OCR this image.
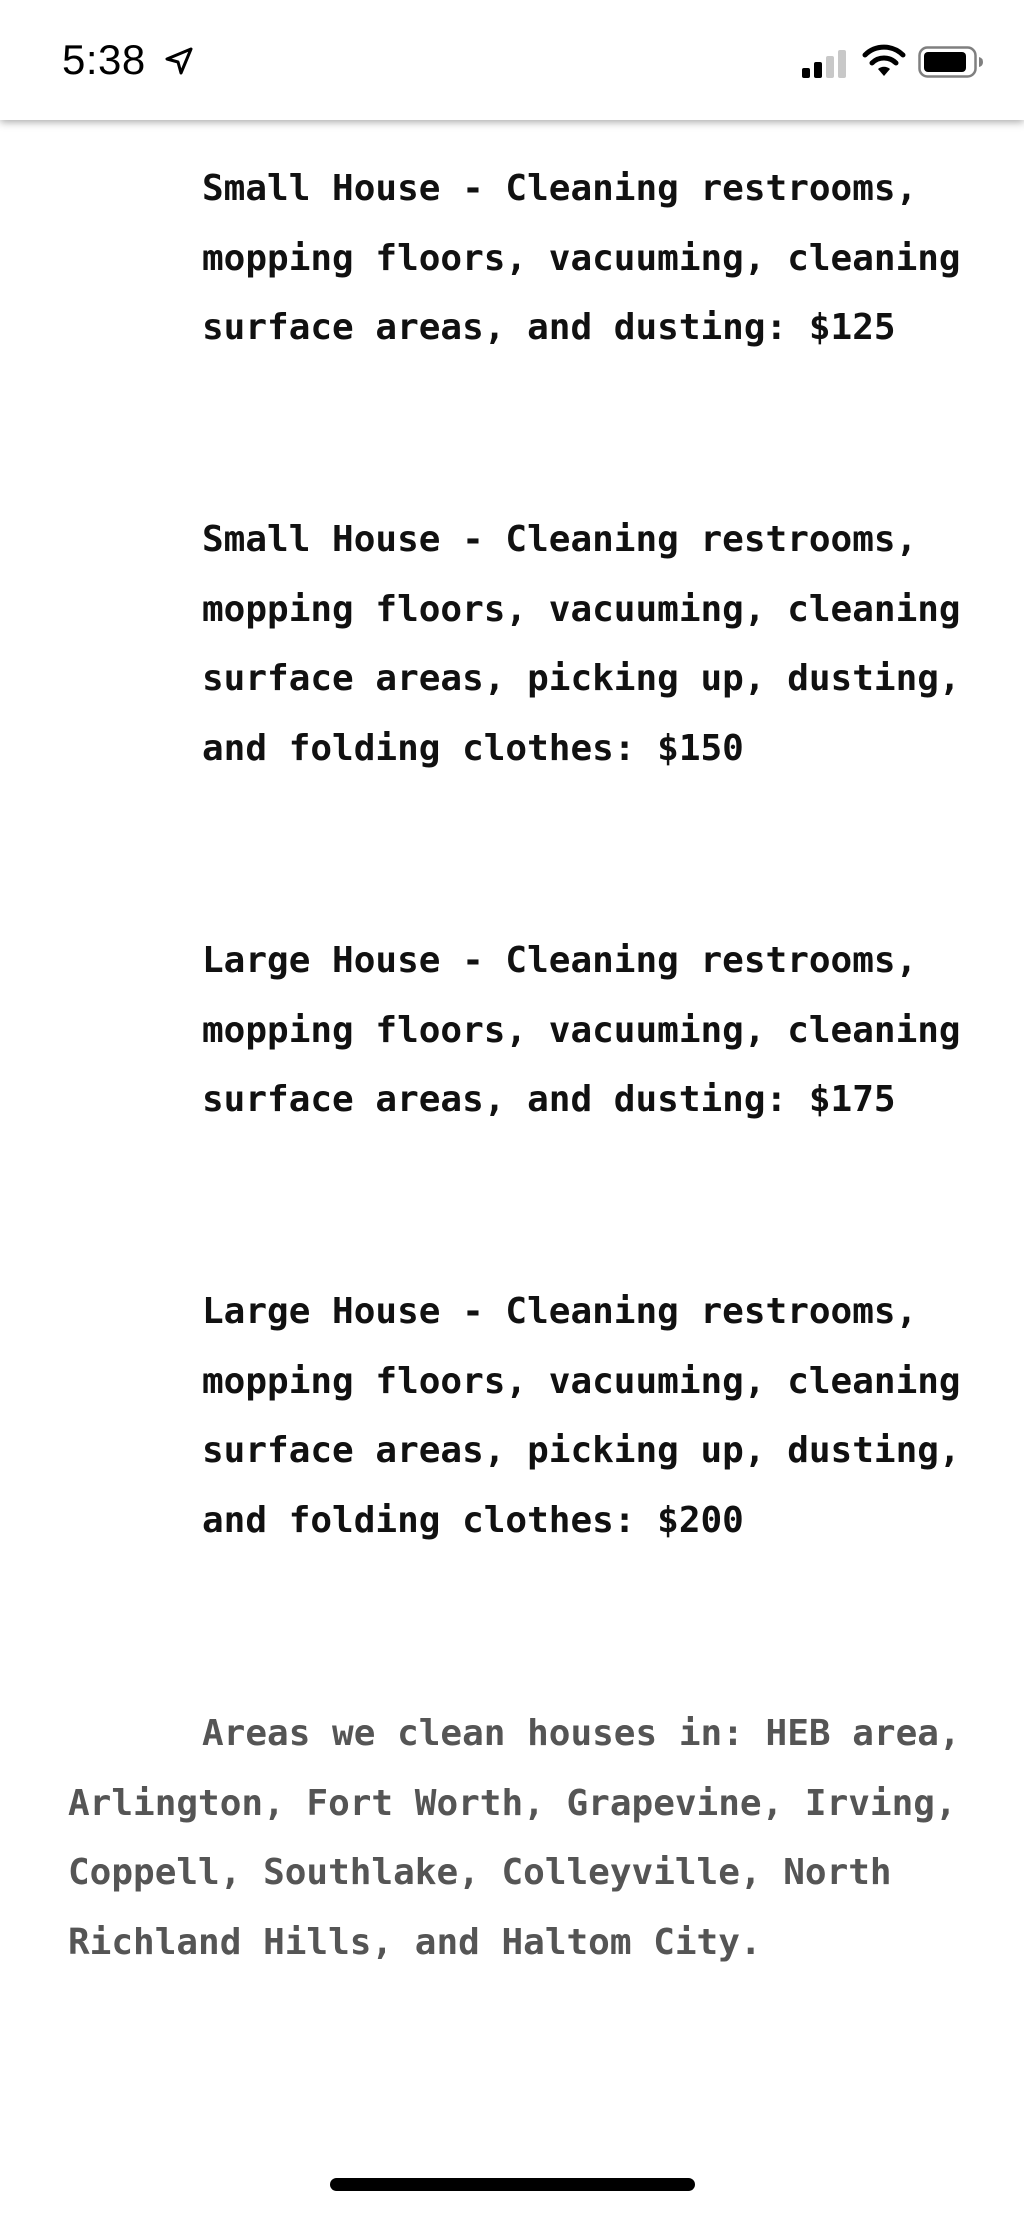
5:38

Small House - Cleaning restrooms, mopping floors, vacuuming, cleaning surface areas, and dusting: $125

Small House - Cleaning restrooms, mopping floors, vacuuming, cleaning surface areas, picking up, dusting, and folding clothes: $150

Large House - Cleaning restrooms, mopping floors, vacuuming, cleaning surface areas, and dusting: $175

Large House - Cleaning restrooms, mopping floors, vacuuming, cleaning surface areas, picking up, dusting, and folding clothes: $200

Areas we clean houses in: HEB area, Arlington, Fort Worth, Grapevine, Irving, Coppell, Southlake, Colleyville, North Richland Hills, and Haltom City.
